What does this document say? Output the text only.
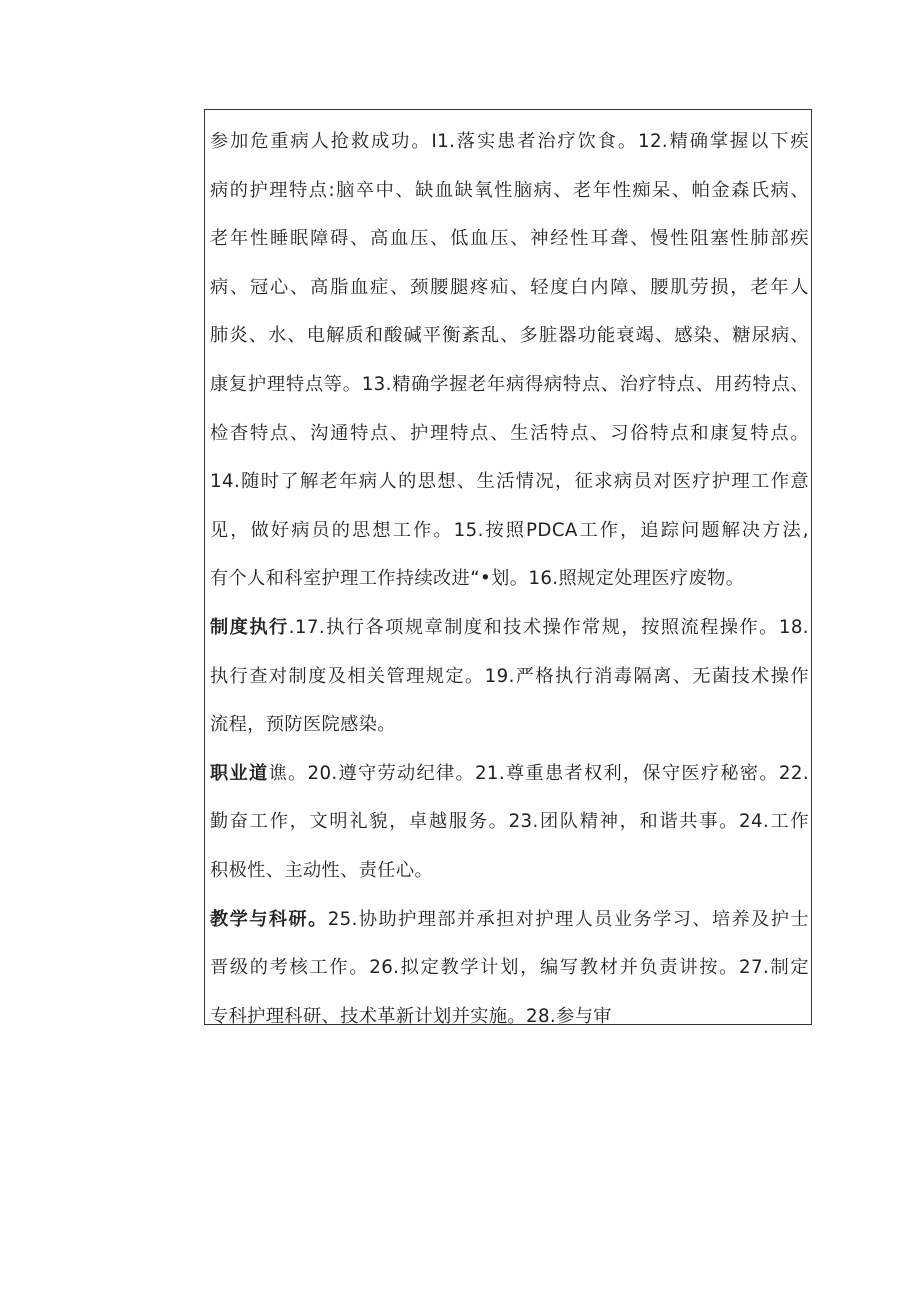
参加危重病人抢救成功。I1.落实患者治疗饮食。12.精确掌握以下疾
病的护理特点:脑卒中、缺血缺氧性脑病、老年性痴呆、帕金森氏病、
老年性睡眠障碍、高血压、低血压、神经性耳聋、慢性阻塞性肺部疾
病、冠心、高脂血症、颈腰腿疼疝、轻度白内障、腰肌劳损，老年人
肺炎、水、电解质和酸碱平衡紊乱、多脏器功能衰竭、感染、糖尿病、
康复护理特点等。13.精确学握老年病得病特点、治疗特点、用药特点、
检杳特点、沟通特点、护理特点、生活特点、习俗特点和康复特点。
14.随时了解老年病人的思想、生活情况，征求病员对医疗护理工作意
见，做好病员的思想工作。15.按照PDCA工作，追踪问题解决方法,
有个人和科室护理工作持续改进“•划。16.照规定处理医疗废物。
制度执行.17.执行各项规章制度和技术操作常规，按照流程操作。18.
执行查对制度及相关管理规定。19.严格执行消毒隔离、无菌技术操作
流程，预防医院感染。
职业道谯。20.遵守劳动纪律。21.尊重患者权利，保守医疗秘密。22.
勤奋工作，文明礼貌，卓越服务。23.团队精神，和谐共事。24.工作
积极性、主动性、责任心。
教学与科研。25.协助护理部并承担对护理人员业务学习、培养及护士
晋级的考核工作。26.拟定教学计划，编写教材并负责讲按。27.制定
专科护理科研、技术革新计划并实施。28.参与审
